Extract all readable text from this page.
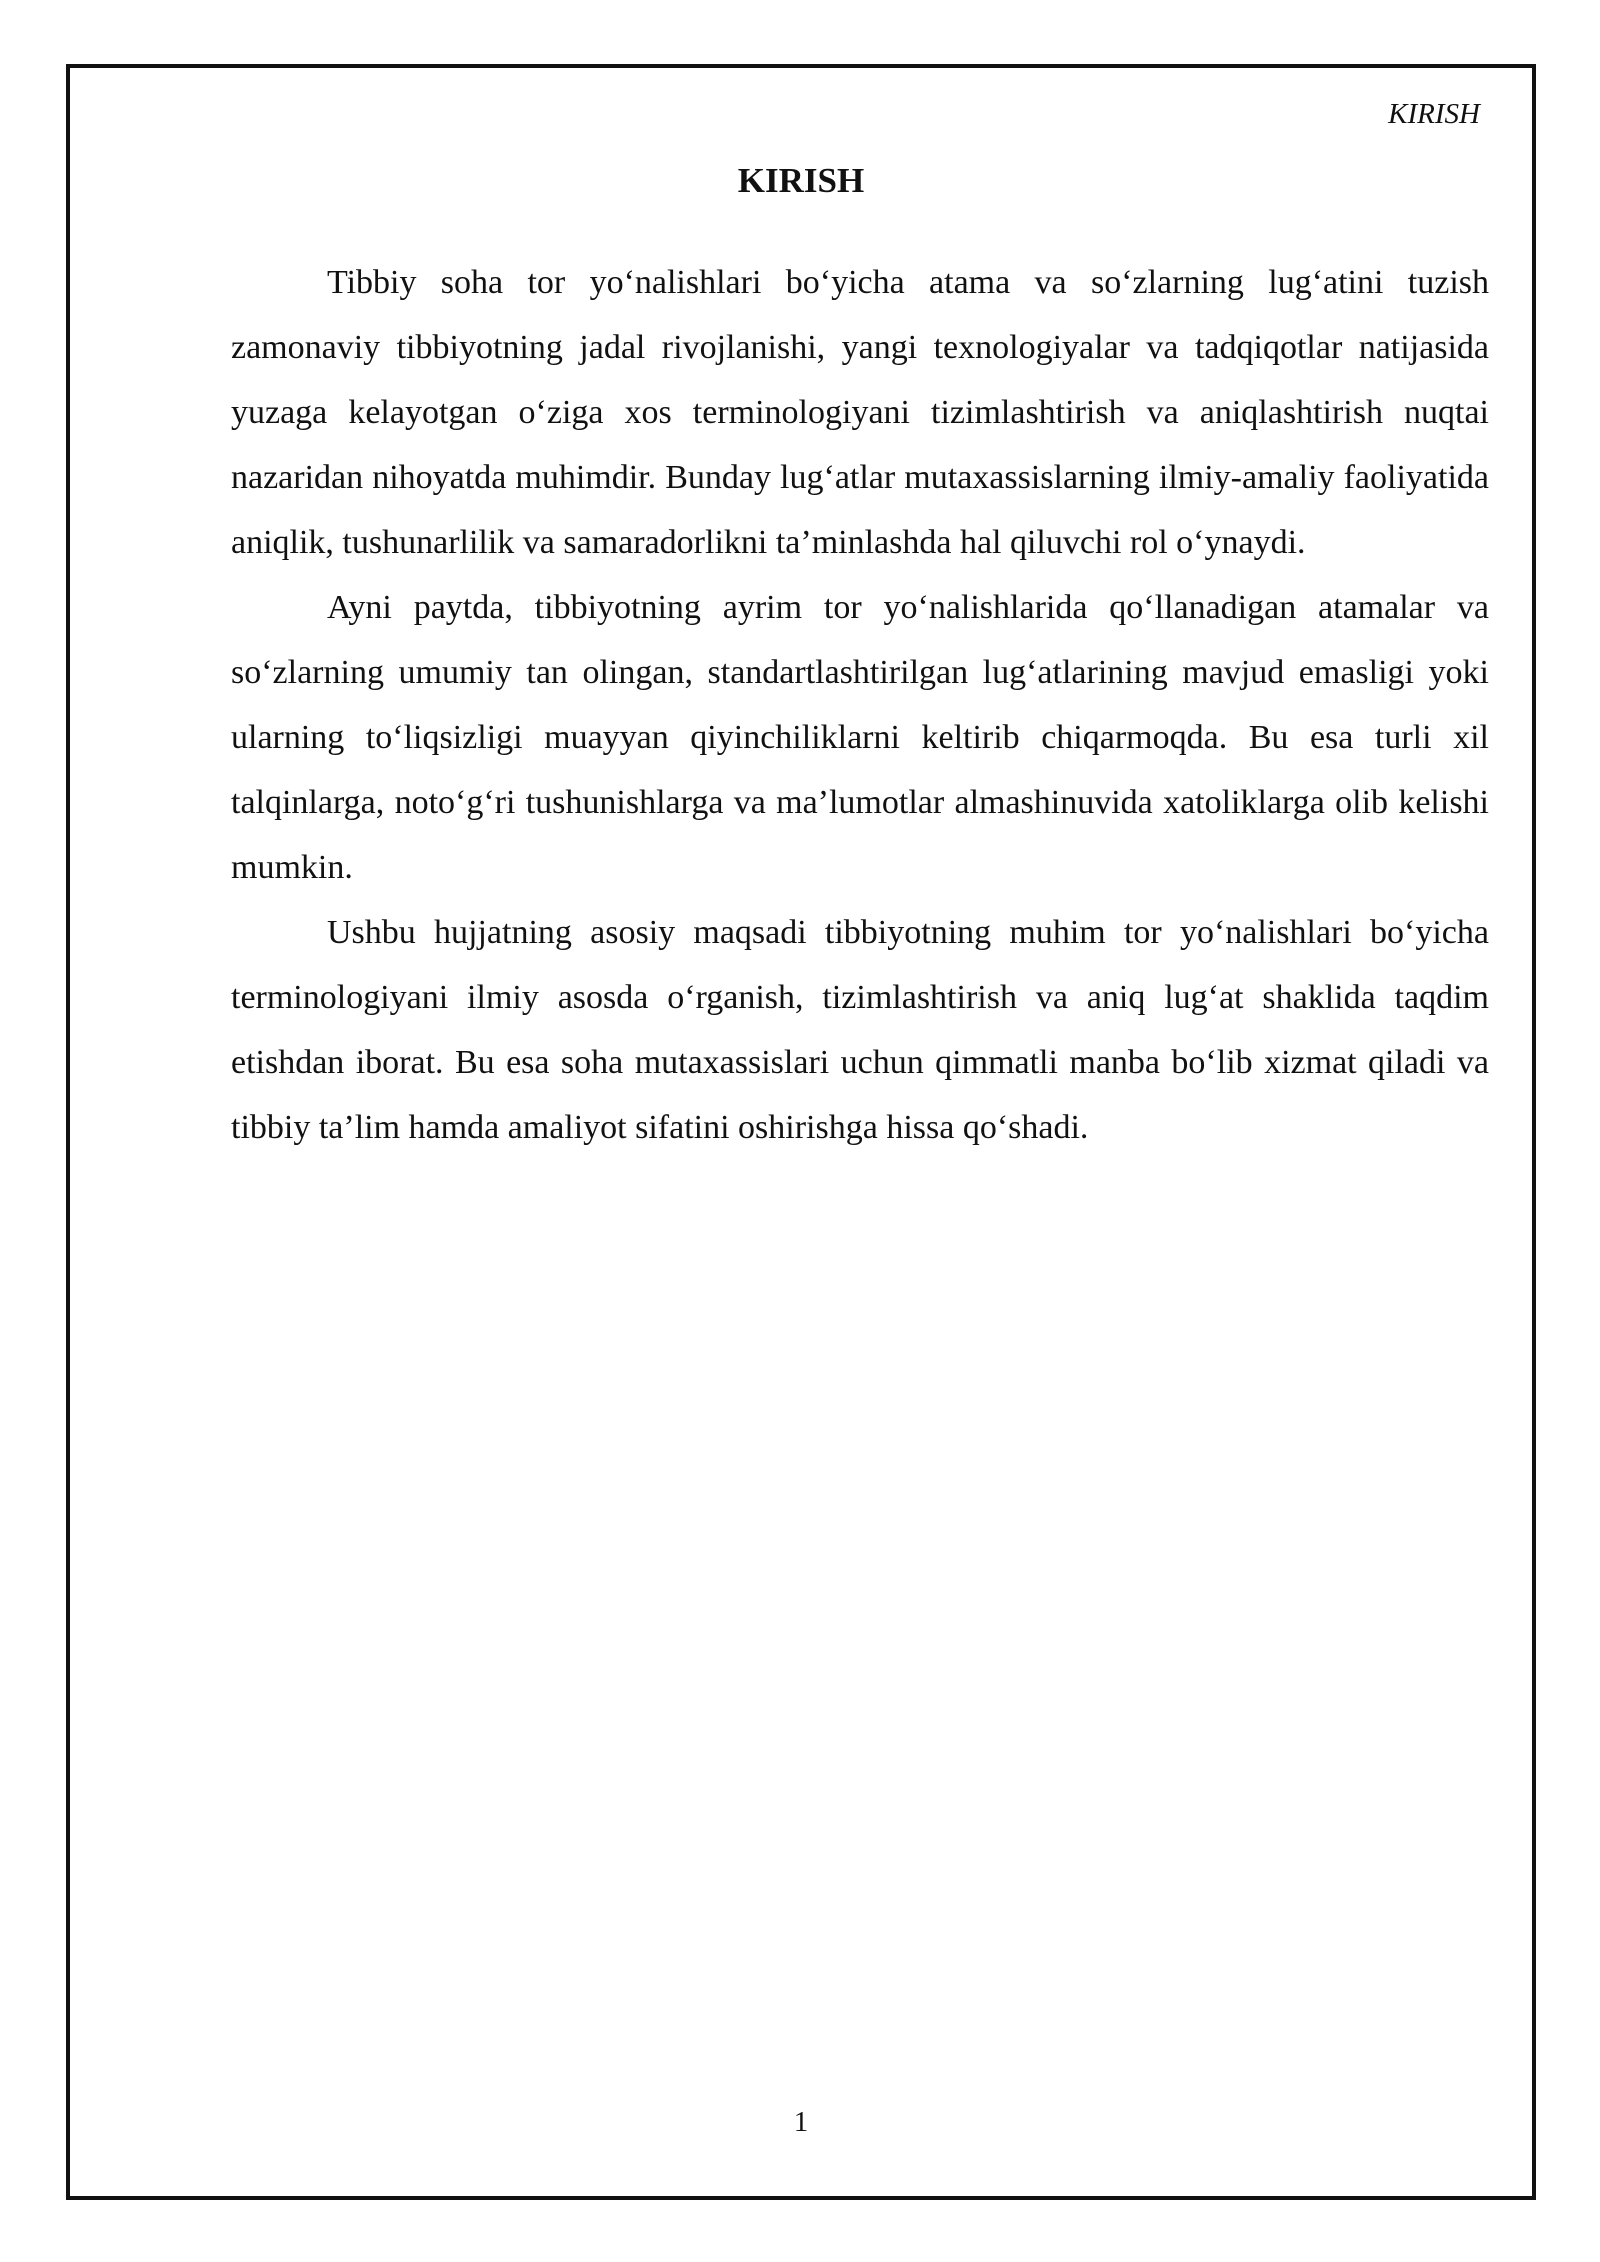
KIRISH
KIRISH

Tibbiy soha tor yo‘nalishlari bo‘yicha atama va so‘zlarning lug‘atini tuzish zamonaviy tibbiyotning jadal rivojlanishi, yangi texnologiyalar va tadqiqotlar natijasida yuzaga kelayotgan o‘ziga xos terminologiyani tizimlashtirish va aniqlashtirish nuqtai nazaridan nihoyatda muhimdir. Bunday lug‘atlar mutaxassislarning ilmiy-amaliy faoliyatida aniqlik, tushunarlilik va samaradorlikni ta’minlashda hal qiluvchi rol o‘ynaydi.

Ayni paytda, tibbiyotning ayrim tor yo‘nalishlarida qo‘llanadigan atamalar va so‘zlarning umumiy tan olingan, standartlashtirilgan lug‘atlarining mavjud emasligi yoki ularning to‘liqsizligi muayyan qiyinchiliklarni keltirib chiqarmoqda. Bu esa turli xil talqinlarga, noto‘g‘ri tushunishlarga va ma’lumotlar almashinuvida xatoliklarga olib kelishi mumkin.

Ushbu hujjatning asosiy maqsadi tibbiyotning muhim tor yo‘nalishlari bo‘yicha terminologiyani ilmiy asosda o‘rganish, tizimlashtirish va aniq lug‘at shaklida taqdim etishdan iborat. Bu esa soha mutaxassislari uchun qimmatli manba bo‘lib xizmat qiladi va tibbiy ta’lim hamda amaliyot sifatini oshirishga hissa qo‘shadi.

1
